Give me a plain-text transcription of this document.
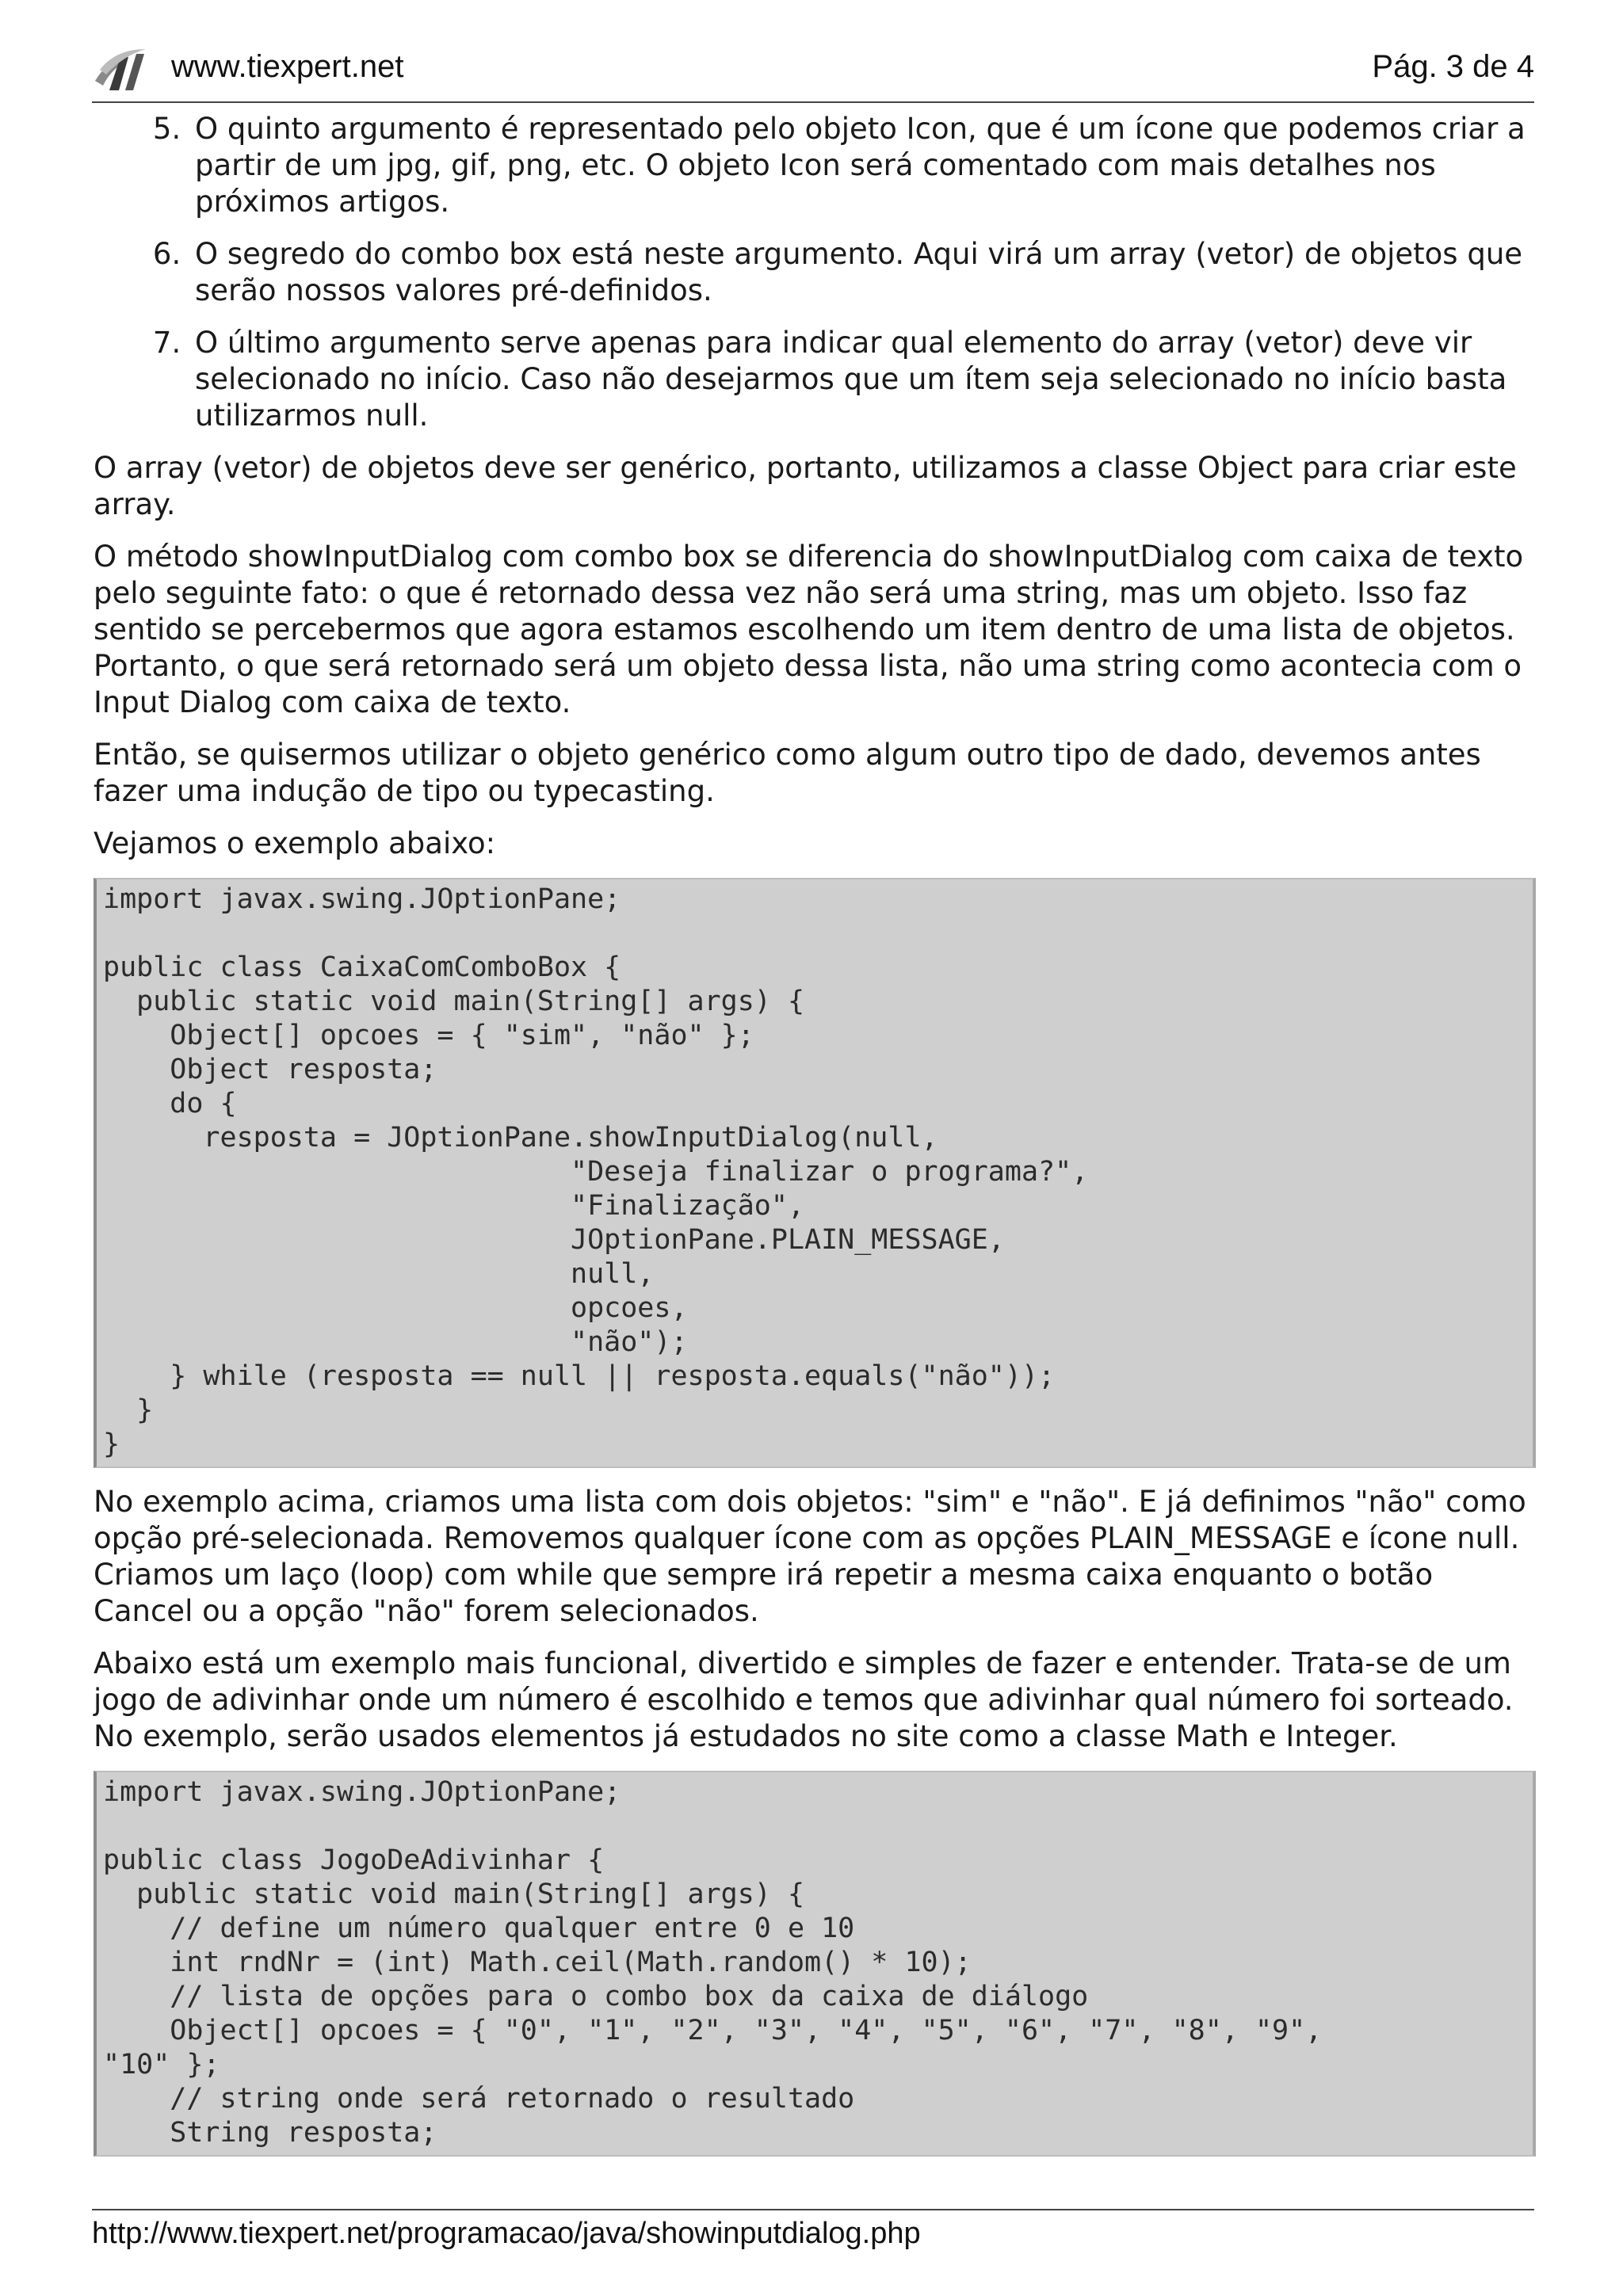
www.tiexpert.net	Pág. 3 de 4
5. O quinto argumento é representado pelo objeto Icon, que é um ícone que podemos criar a partir de um jpg, gif, png, etc. O objeto Icon será comentado com mais detalhes nos próximos artigos.
6. O segredo do combo box está neste argumento. Aqui virá um array (vetor) de objetos que serão nossos valores pré-definidos.
7. O último argumento serve apenas para indicar qual elemento do array (vetor) deve vir selecionado no início. Caso não desejarmos que um ítem seja selecionado no início basta utilizarmos null.

O array (vetor) de objetos deve ser genérico, portanto, utilizamos a classe Object para criar este array.

O método showInputDialog com combo box se diferencia do showInputDialog com caixa de texto pelo seguinte fato: o que é retornado dessa vez não será uma string, mas um objeto. Isso faz sentido se percebermos que agora estamos escolhendo um item dentro de uma lista de objetos. Portanto, o que será retornado será um objeto dessa lista, não uma string como acontecia com o Input Dialog com caixa de texto.

Então, se quisermos utilizar o objeto genérico como algum outro tipo de dado, devemos antes fazer uma indução de tipo ou typecasting.

Vejamos o exemplo abaixo:

import javax.swing.JOptionPane;

public class CaixaComComboBox {
public static void main(String[] args) {
Object[] opcoes = { "sim", "não" };
Object resposta;
do {
resposta = JOptionPane.showInputDialog(null,
"Deseja finalizar o programa?",
"Finalização",
JOptionPane.PLAIN_MESSAGE,
null,
opcoes,
"não");
} while (resposta == null || resposta.equals("não"));
}
}

No exemplo acima, criamos uma lista com dois objetos: "sim" e "não". E já definimos "não" como opção pré-selecionada. Removemos qualquer ícone com as opções PLAIN_MESSAGE e ícone null. Criamos um laço (loop) com while que sempre irá repetir a mesma caixa enquanto o botão Cancel ou a opção "não" forem selecionados.

Abaixo está um exemplo mais funcional, divertido e simples de fazer e entender. Trata-se de um jogo de adivinhar onde um número é escolhido e temos que adivinhar qual número foi sorteado. No exemplo, serão usados elementos já estudados no site como a classe Math e Integer.

import javax.swing.JOptionPane;

public class JogoDeAdivinhar {
public static void main(String[] args) {
// define um número qualquer entre 0 e 10
int rndNr = (int) Math.ceil(Math.random() * 10);
// lista de opções para o combo box da caixa de diálogo
Object[] opcoes = { "0", "1", "2", "3", "4", "5", "6", "7", "8", "9",
"10" };
// string onde será retornado o resultado
String resposta;
http://www.tiexpert.net/programacao/java/showinputdialog.php
